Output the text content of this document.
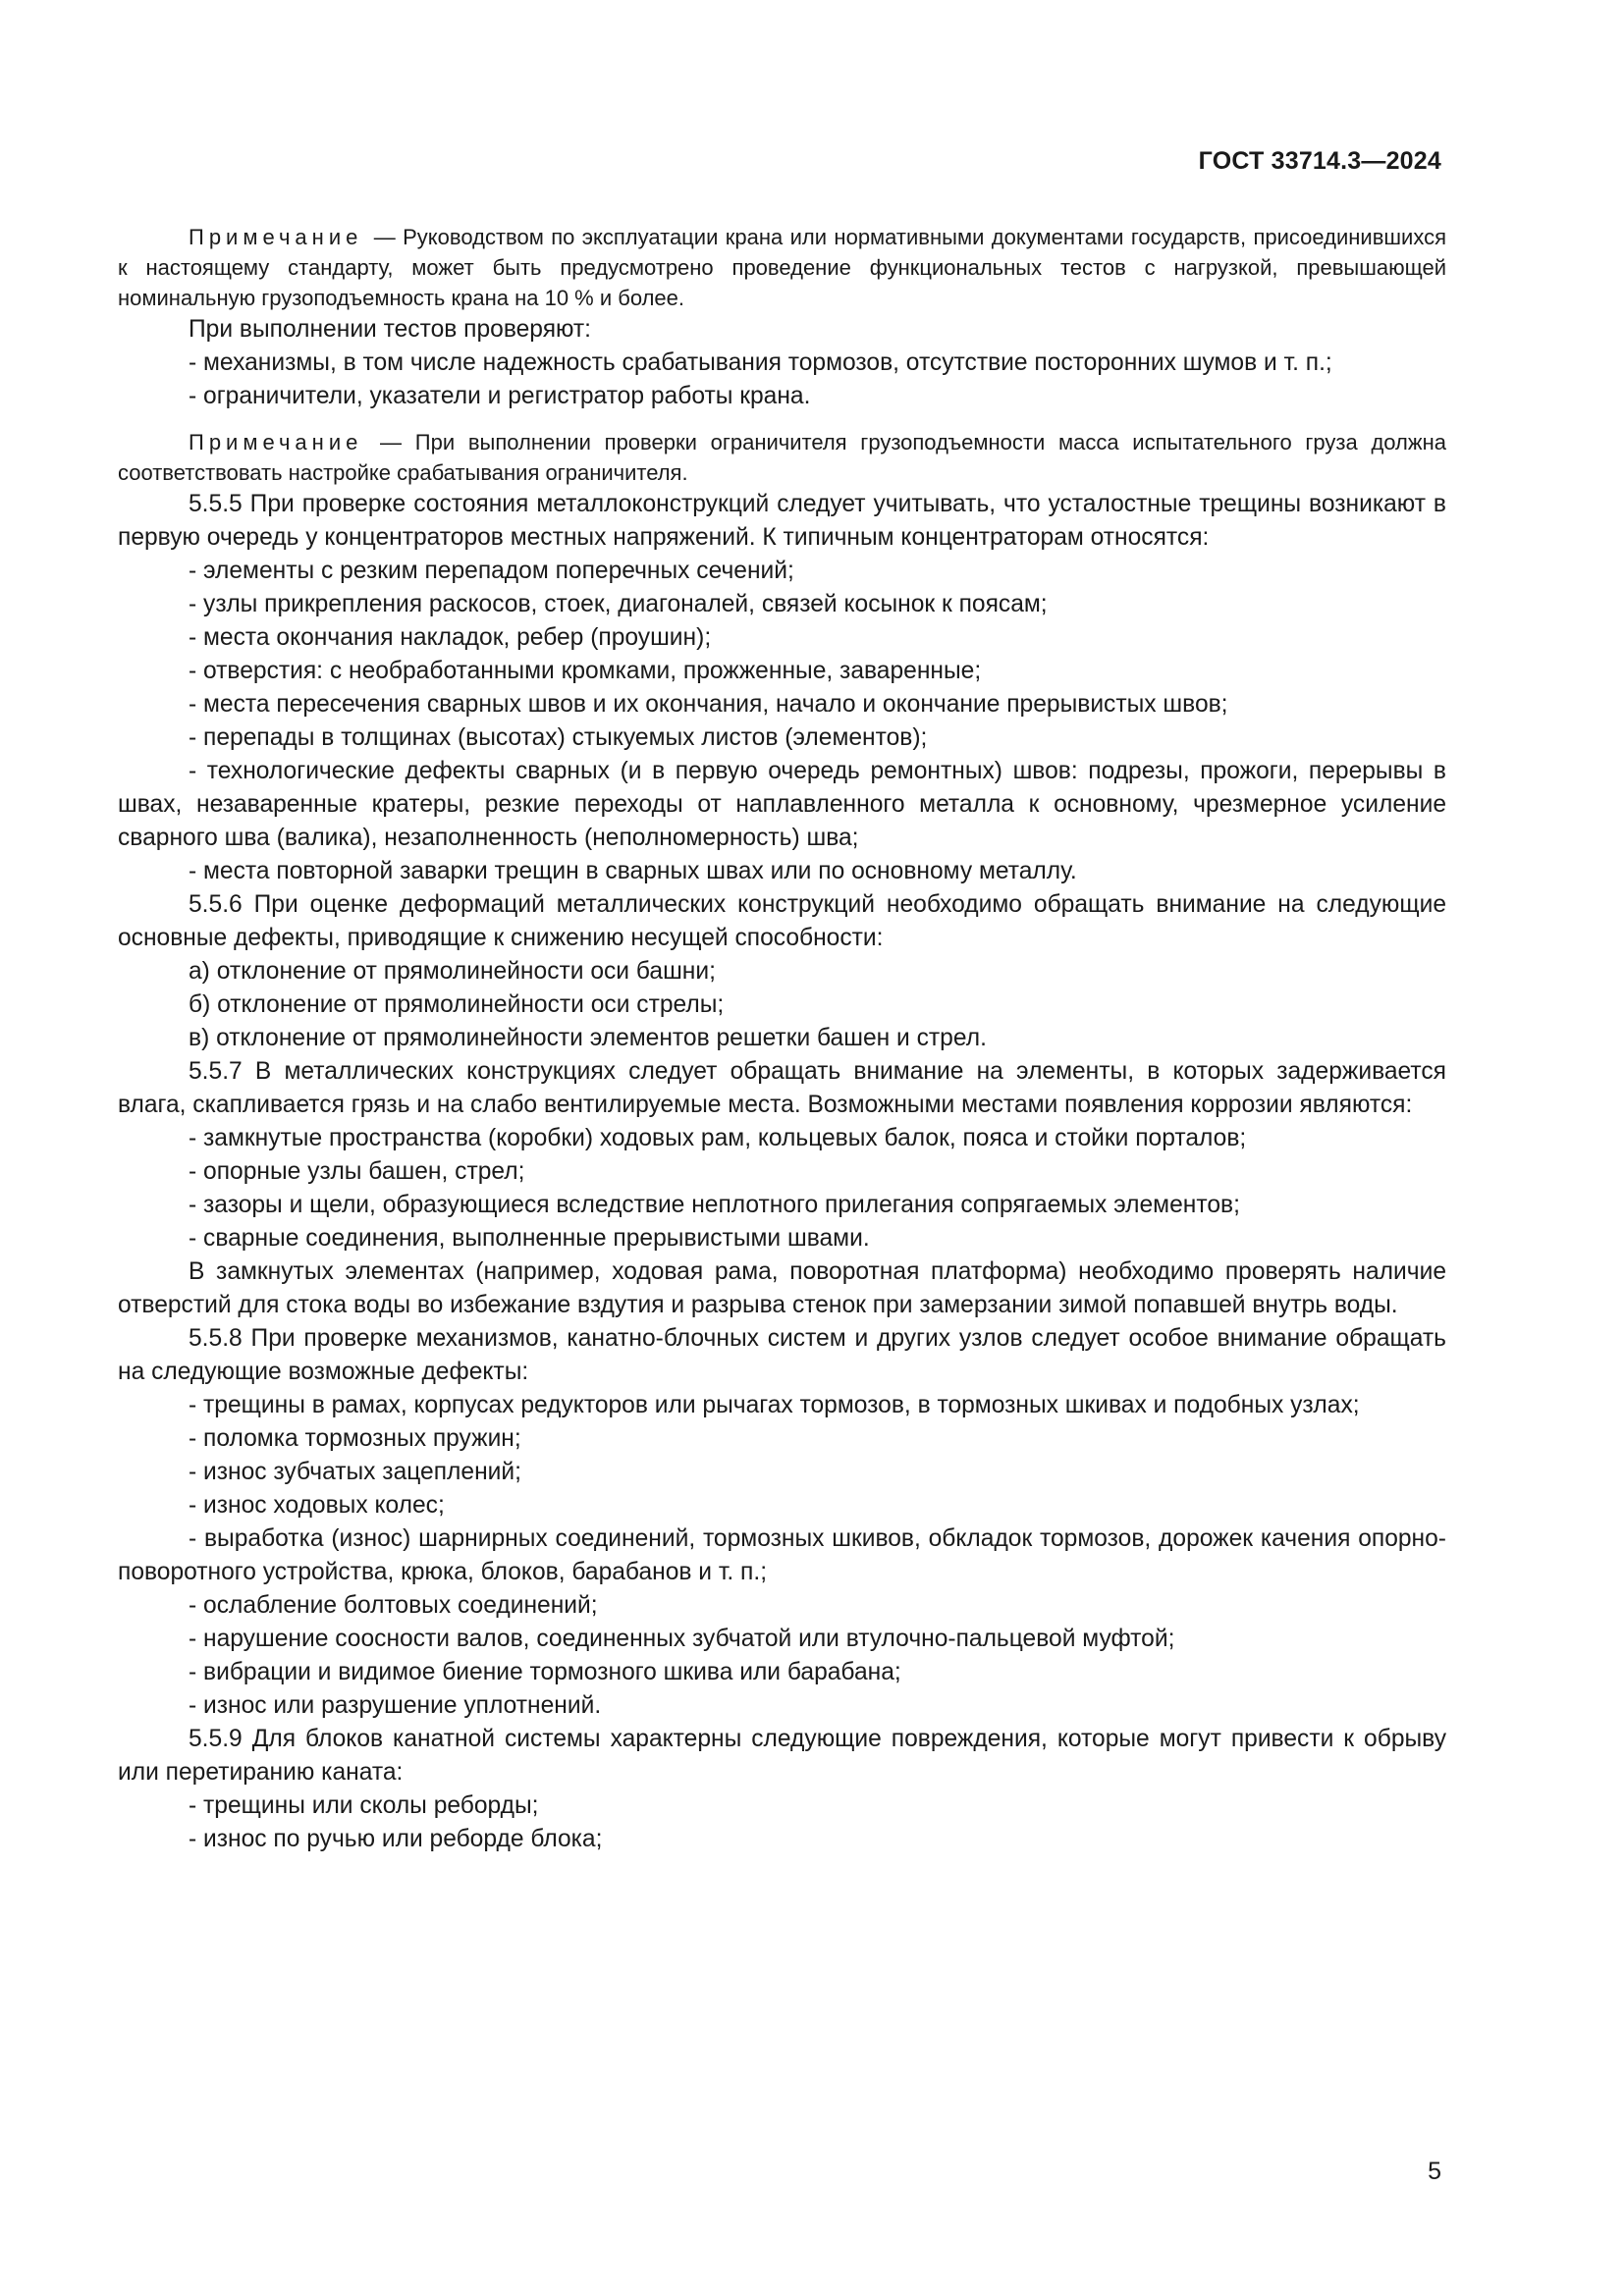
ГОСТ 33714.3—2024

Примечание — Руководством по эксплуатации крана или нормативными документами государств, присоединившихся к настоящему стандарту, может быть предусмотрено проведение функциональных тестов с нагрузкой, превышающей номинальную грузоподъемность крана на 10 % и более.

При выполнении тестов проверяют:

- механизмы, в том числе надежность срабатывания тормозов, отсутствие посторонних шумов и т. п.;

- ограничители, указатели и регистратор работы крана.

Примечание — При выполнении проверки ограничителя грузоподъемности масса испытательного груза должна соответствовать настройке срабатывания ограничителя.

5.5.5 При проверке состояния металлоконструкций следует учитывать, что усталостные трещины возникают в первую очередь у концентраторов местных напряжений. К типичным концентраторам относятся:

- элементы с резким перепадом поперечных сечений;

- узлы прикрепления раскосов, стоек, диагоналей, связей косынок к поясам;

- места окончания накладок, ребер (проушин);

- отверстия: с необработанными кромками, прожженные, заваренные;

- места пересечения сварных швов и их окончания, начало и окончание прерывистых швов;

- перепады в толщинах (высотах) стыкуемых листов (элементов);

- технологические дефекты сварных (и в первую очередь ремонтных) швов: подрезы, прожоги, перерывы в швах, незаваренные кратеры, резкие переходы от наплавленного металла к основному, чрезмерное усиление сварного шва (валика), незаполненность (неполномерность) шва;

- места повторной заварки трещин в сварных швах или по основному металлу.

5.5.6 При оценке деформаций металлических конструкций необходимо обращать внимание на следующие основные дефекты, приводящие к снижению несущей способности:

а) отклонение от прямолинейности оси башни;

б) отклонение от прямолинейности оси стрелы;

в) отклонение от прямолинейности элементов решетки башен и стрел.

5.5.7 В металлических конструкциях следует обращать внимание на элементы, в которых задерживается влага, скапливается грязь и на слабо вентилируемые места. Возможными местами появления коррозии являются:

- замкнутые пространства (коробки) ходовых рам, кольцевых балок, пояса и стойки порталов;

- опорные узлы башен, стрел;

- зазоры и щели, образующиеся вследствие неплотного прилегания сопрягаемых элементов;

- сварные соединения, выполненные прерывистыми швами.

В замкнутых элементах (например, ходовая рама, поворотная платформа) необходимо проверять наличие отверстий для стока воды во избежание вздутия и разрыва стенок при замерзании зимой попавшей внутрь воды.

5.5.8 При проверке механизмов, канатно-блочных систем и других узлов следует особое внимание обращать на следующие возможные дефекты:

- трещины в рамах, корпусах редукторов или рычагах тормозов, в тормозных шкивах и подобных узлах;

- поломка тормозных пружин;

- износ зубчатых зацеплений;

- износ ходовых колес;

- выработка (износ) шарнирных соединений, тормозных шкивов, обкладок тормозов, дорожек качения опорно-поворотного устройства, крюка, блоков, барабанов и т. п.;

- ослабление болтовых соединений;

- нарушение соосности валов, соединенных зубчатой или втулочно-пальцевой муфтой;

- вибрации и видимое биение тормозного шкива или барабана;

- износ или разрушение уплотнений.

5.5.9 Для блоков канатной системы характерны следующие повреждения, которые могут привести к обрыву или перетиранию каната:

- трещины или сколы реборды;

- износ по ручью или реборде блока;

5
